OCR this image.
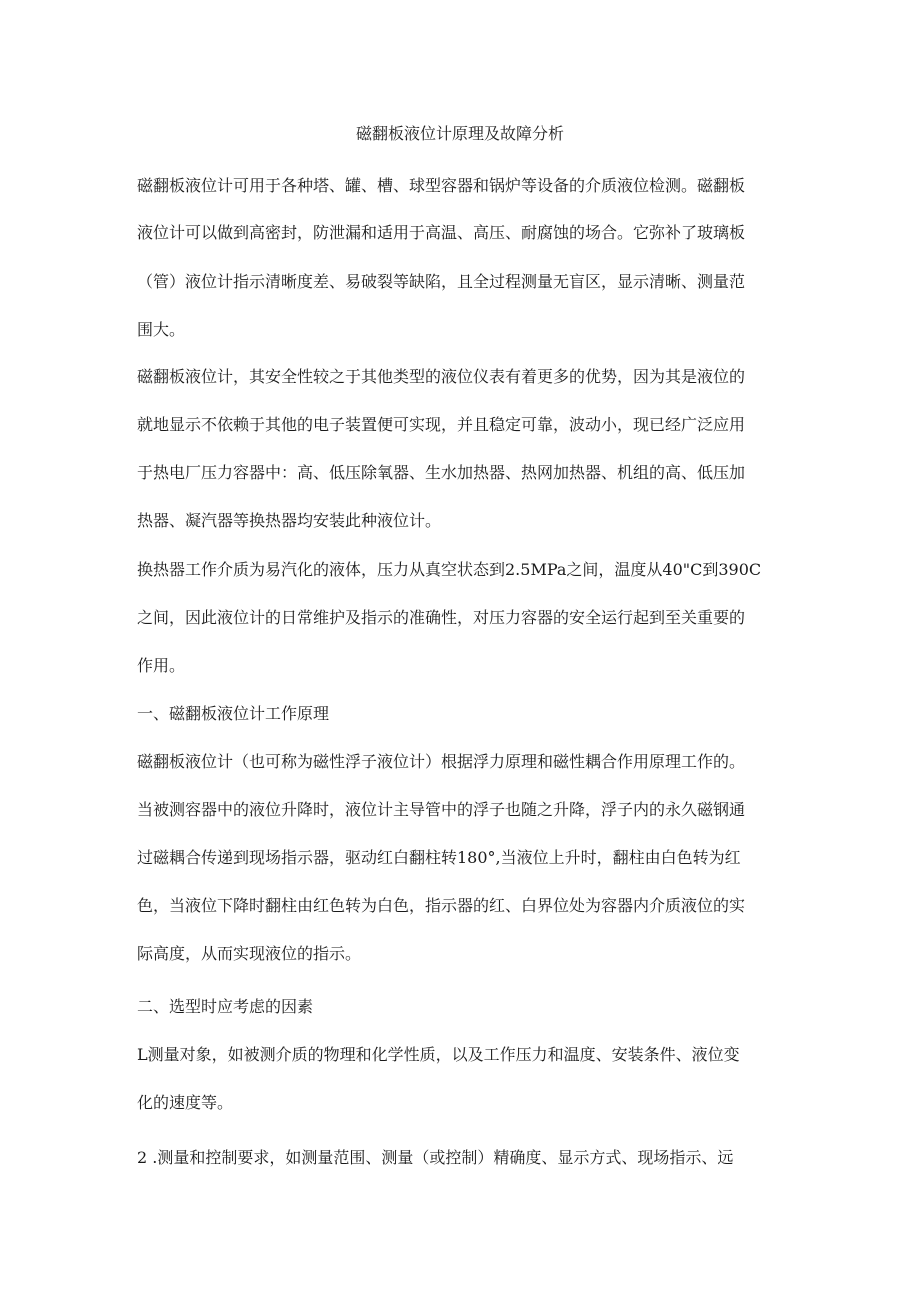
磁翻板液位计原理及故障分析
磁翻板液位计可用于各种塔、罐、槽、球型容器和锅炉等设备的介质液位检测。磁翻板
液位计可以做到高密封，防泄漏和适用于高温、高压、耐腐蚀的场合。它弥补了玻璃板
（管）液位计指示清晰度差、易破裂等缺陷，且全过程测量无盲区，显示清晰、测量范
围大。
磁翻板液位计，其安全性较之于其他类型的液位仪表有着更多的优势，因为其是液位的
就地显示不依赖于其他的电子装置便可实现，并且稳定可靠，波动小，现已经广泛应用
于热电厂压力容器中：高、低压除氧器、生水加热器、热网加热器、机组的高、低压加
热器、凝汽器等换热器均安装此种液位计。
换热器工作介质为易汽化的液体，压力从真空状态到2.5MPa之间，温度从40"C到390C
之间，因此液位计的日常维护及指示的准确性，对压力容器的安全运行起到至关重要的
作用。
一、磁翻板液位计工作原理
磁翻板液位计（也可称为磁性浮子液位计）根据浮力原理和磁性耦合作用原理工作的。
当被测容器中的液位升降时，液位计主导管中的浮子也随之升降，浮子内的永久磁钢通
过磁耦合传递到现场指示器，驱动红白翻柱转180°,当液位上升时，翻柱由白色转为红
色，当液位下降时翻柱由红色转为白色，指示器的红、白界位处为容器内介质液位的实
际高度，从而实现液位的指示。
二、选型时应考虑的因素
L测量对象，如被测介质的物理和化学性质，以及工作压力和温度、安装条件、液位变
化的速度等。
2 .测量和控制要求，如测量范围、测量（或控制）精确度、显示方式、现场指示、远
